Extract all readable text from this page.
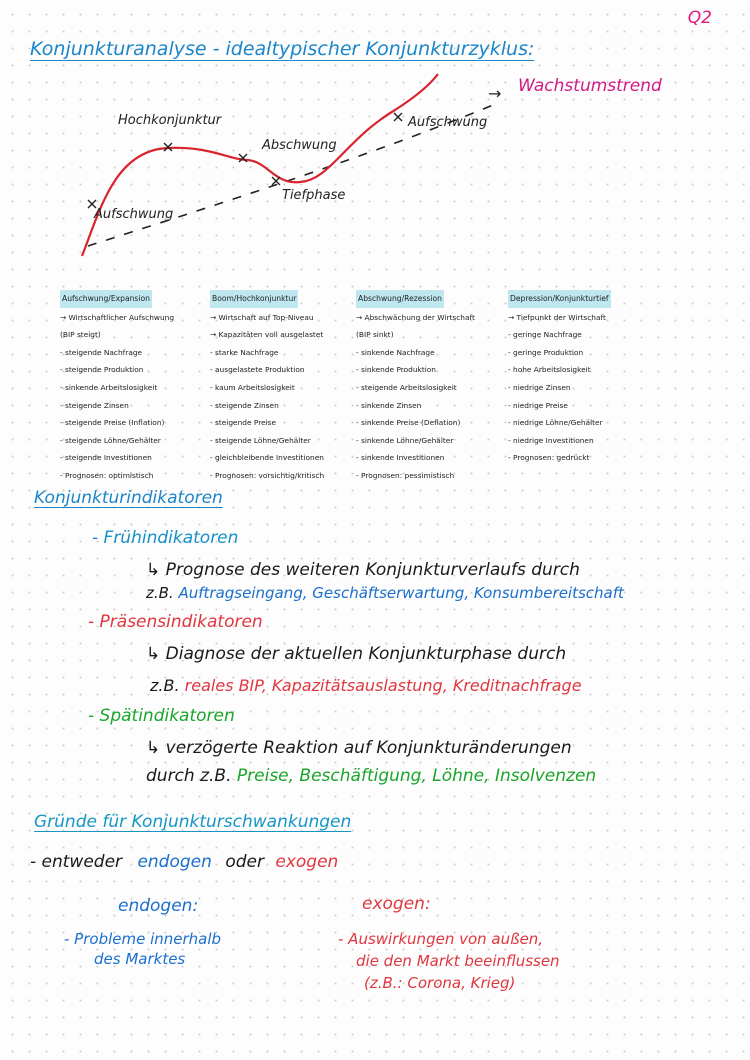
Q2
Konjunkturanalyse - idealtypischer Konjunkturzyklus:
→ Wachstumstrend
Hochkonjunktur
Abschwung
Aufschwung
Tiefphase
Aufschwung
Aufschwung/Expansion
→ Wirtschaftlicher Aufschwung
(BIP steigt)
- steigende Nachfrage
- steigende Produktion
- sinkende Arbeitslosigkeit
- steigende Zinsen
- steigende Preise (Inflation)
- steigende Löhne/Gehälter
- steigende Investitionen
- Prognosen: optimistisch
Boom/Hochkonjunktur
→ Wirtschaft auf Top-Niveau
→ Kapazitäten voll ausgelastet
- starke Nachfrage
- ausgelastete Produktion
- kaum Arbeitslosigkeit
- steigende Zinsen
- steigende Preise
- steigende Löhne/Gehälter
- gleichbleibende Investitionen
- Prognosen: vorsichtig/kritisch
Abschwung/Rezession
→ Abschwächung der Wirtschaft
(BIP sinkt)
- sinkende Nachfrage
- sinkende Produktion
- steigende Arbeitslosigkeit
- sinkende Zinsen
- sinkende Preise (Deflation)
- sinkende Löhne/Gehälter
- sinkende Investitionen
- Prognosen: pessimistisch
Depression/Konjunkturtief
→ Tiefpunkt der Wirtschaft
- geringe Nachfrage
- geringe Produktion
- hohe Arbeitslosigkeit
- niedrige Zinsen
- niedrige Preise
- niedrige Löhne/Gehälter
- niedrige Investitionen
- Prognosen: gedrückt
Konjunkturindikatoren
- Frühindikatoren
↳ Prognose des weiteren Konjunkturverlaufs durch
z.B. Auftragseingang, Geschäftserwartung, Konsumbereitschaft
- Präsensindikatoren
↳ Diagnose der aktuellen Konjunkturphase durch
z.B. reales BIP, Kapazitätsauslastung, Kreditnachfrage
- Spätindikatoren
↳ verzögerte Reaktion auf Konjunkturänderungen
durch z.B. Preise, Beschäftigung, Löhne, Insolvenzen
Gründe für Konjunkturschwankungen
- entweder endogen oder exogen
endogen:
- Probleme innerhalb
des Marktes
exogen:
- Auswirkungen von außen,
die den Markt beeinflussen
(z.B.: Corona, Krieg)
